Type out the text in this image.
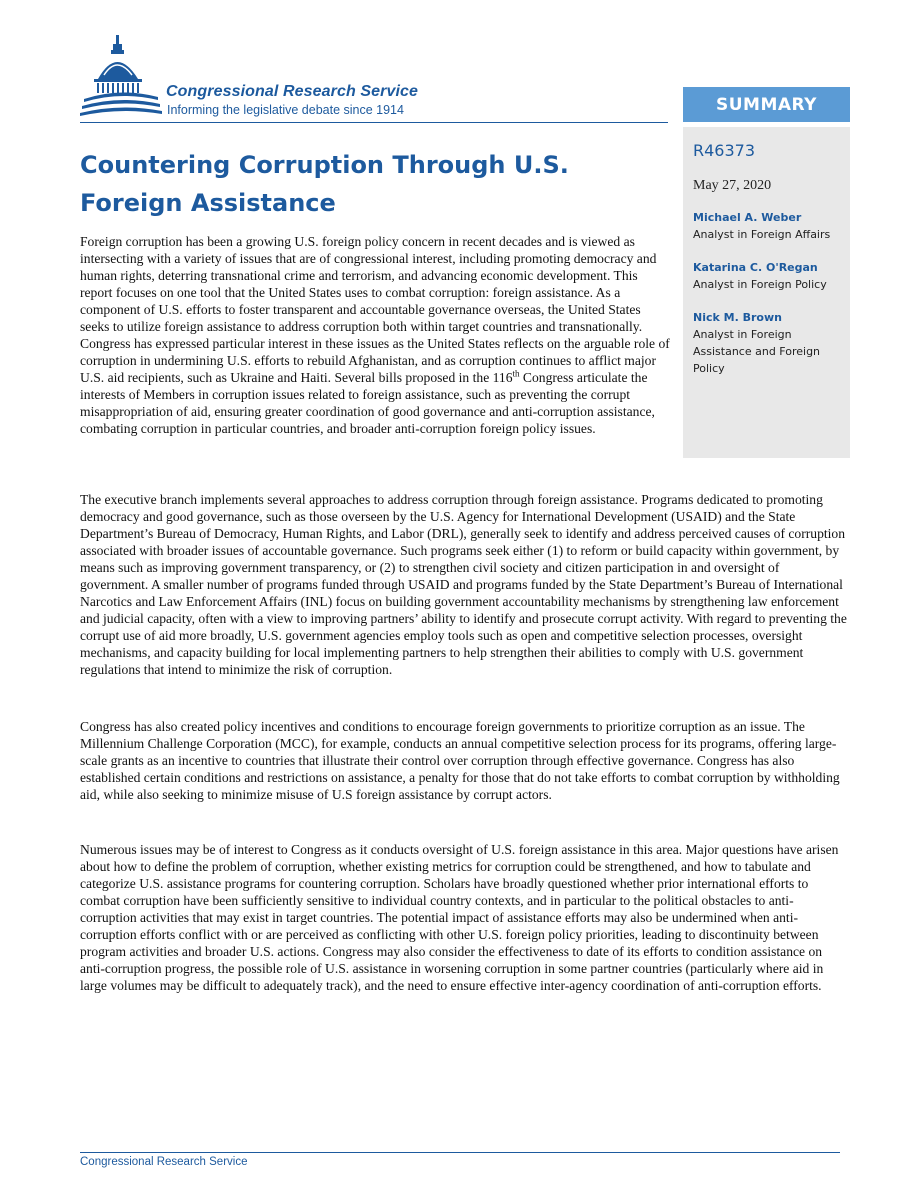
Congressional Research Service
Informing the legislative debate since 1914	SUMMARY
R46373
May 27, 2020
Michael A. Weber
Analyst in Foreign Affairs
Katarina C. O'Regan
Analyst in Foreign Policy
Nick M. Brown
Analyst in Foreign Assistance and Foreign Policy
Countering Corruption Through U.S. Foreign Assistance

Foreign corruption has been a growing U.S. foreign policy concern in recent decades and is viewed as intersecting with a variety of issues that are of congressional interest, including promoting democracy and human rights, deterring transnational crime and terrorism, and advancing economic development. This report focuses on one tool that the United States uses to combat corruption: foreign assistance. As a component of U.S. efforts to foster transparent and accountable governance overseas, the United States seeks to utilize foreign assistance to address corruption both within target countries and transnationally. Congress has expressed particular interest in these issues as the United States reflects on the arguable role of corruption in undermining U.S. efforts to rebuild Afghanistan, and as corruption continues to afflict major U.S. aid recipients, such as Ukraine and Haiti. Several bills proposed in the 116th Congress articulate the interests of Members in corruption issues related to foreign assistance, such as preventing the corrupt misappropriation of aid, ensuring greater coordination of good governance and anti-corruption assistance, combating corruption in particular countries, and broader anti-corruption foreign policy issues.

The executive branch implements several approaches to address corruption through foreign assistance. Programs dedicated to promoting democracy and good governance, such as those overseen by the U.S. Agency for International Development (USAID) and the State Department’s Bureau of Democracy, Human Rights, and Labor (DRL), generally seek to identify and address perceived causes of corruption associated with broader issues of accountable governance. Such programs seek either (1) to reform or build capacity within government, by means such as improving government transparency, or (2) to strengthen civil society and citizen participation in and oversight of government. A smaller number of programs funded through USAID and programs funded by the State Department’s Bureau of International Narcotics and Law Enforcement Affairs (INL) focus on building government accountability mechanisms by strengthening law enforcement and judicial capacity, often with a view to improving partners’ ability to identify and prosecute corrupt activity. With regard to preventing the corrupt use of aid more broadly, U.S. government agencies employ tools such as open and competitive selection processes, oversight mechanisms, and capacity building for local implementing partners to help strengthen their abilities to comply with U.S. government regulations that intend to minimize the risk of corruption.

Congress has also created policy incentives and conditions to encourage foreign governments to prioritize corruption as an issue. The Millennium Challenge Corporation (MCC), for example, conducts an annual competitive selection process for its programs, offering large-scale grants as an incentive to countries that illustrate their control over corruption through effective governance. Congress has also established certain conditions and restrictions on assistance, a penalty for those that do not take efforts to combat corruption by withholding aid, while also seeking to minimize misuse of U.S foreign assistance by corrupt actors.

Numerous issues may be of interest to Congress as it conducts oversight of U.S. foreign assistance in this area. Major questions have arisen about how to define the problem of corruption, whether existing metrics for corruption could be strengthened, and how to tabulate and categorize U.S. assistance programs for countering corruption. Scholars have broadly questioned whether prior international efforts to combat corruption have been sufficiently sensitive to individual country contexts, and in particular to the political obstacles to anti-corruption activities that may exist in target countries. The potential impact of assistance efforts may also be undermined when anti-corruption efforts conflict with or are perceived as conflicting with other U.S. foreign policy priorities, leading to discontinuity between program activities and broader U.S. actions. Congress may also consider the effectiveness to date of its efforts to condition assistance on anti-corruption progress, the possible role of U.S. assistance in worsening corruption in some partner countries (particularly where aid in large volumes may be difficult to adequately track), and the need to ensure effective inter-agency coordination of anti-corruption efforts.

Congressional Research Service
